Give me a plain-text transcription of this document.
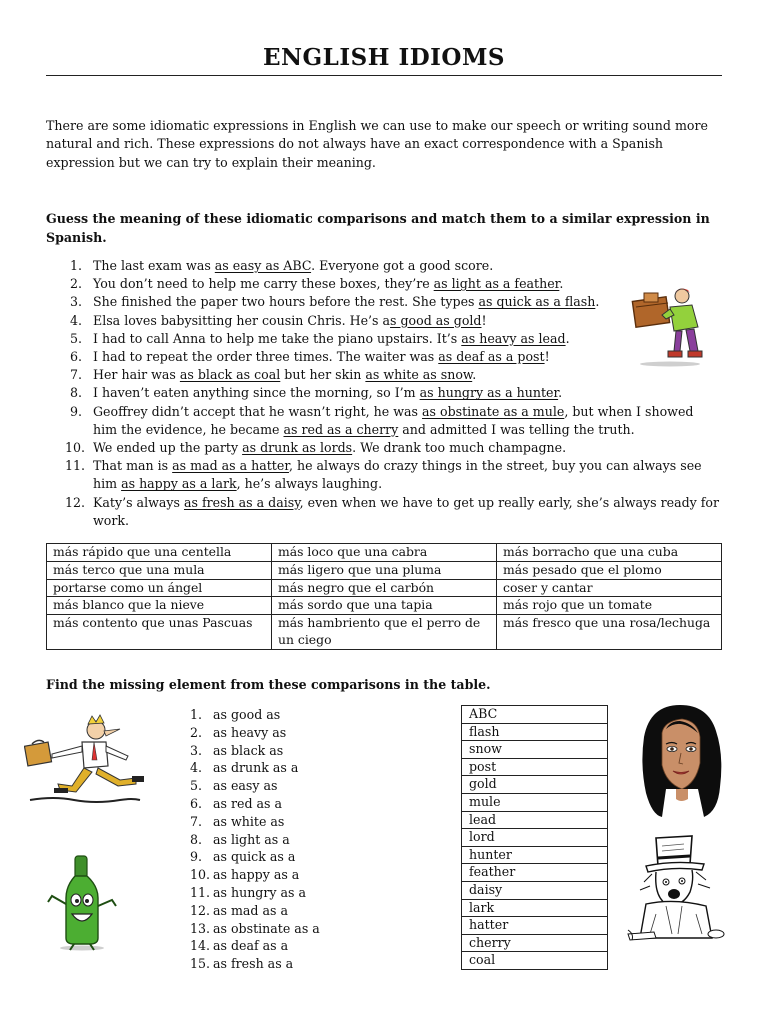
ENGLISH IDIOMS
There are some idiomatic expressions in English we can use to make our speech or writing sound more natural and rich. These expressions do not always have an exact correspondence with a Spanish expression but we can try to explain their meaning.
Guess the meaning of these idiomatic comparisons and match them to a similar expression in Spanish.
1. The last exam was as easy as ABC. Everyone got a good score.
2. You don’t need to help me carry these boxes, they’re as light as a feather.
3. She finished the paper two hours before the rest. She types as quick as a flash.
4. Elsa loves babysitting her cousin Chris. He’s as good as gold!
5. I had to call Anna to help me take the piano upstairs. It’s as heavy as lead.
6. I had to repeat the order three times. The waiter was as deaf as a post!
7. Her hair was as black as coal but her skin as white as snow.
8. I haven’t eaten anything since the morning, so I’m as hungry as a hunter.
9. Geoffrey didn’t accept that he wasn’t right, he was as obstinate as a mule, but when I showed him the evidence, he became as red as a cherry and admitted I was telling the truth.
10. We ended up the party as drunk as lords. We drank too much champagne.
11. That man is as mad as a hatter, he always do crazy things in the street, buy you can always see him as happy as a lark, he’s always laughing.
12. Katy’s always as fresh as a daisy, even when we have to get up really early, she’s always ready for work.
más rápido que una centella	más loco que una cabra	más borracho que una cuba
más terco que una mula	más ligero que una pluma	más pesado que el plomo
portarse como un ángel	más negro que el carbón	coser y cantar
más blanco que la nieve	más sordo que una tapia	más rojo que un tomate
más contento que unas Pascuas	más hambriento que el perro de un ciego	más fresco que una rosa/lechuga
Find the missing element from these comparisons in the table.
1. as good as
2. as heavy as
3. as black as
4. as drunk as a
5. as easy as
6. as red as a
7. as white as
8. as light as a
9. as quick as a
10. as happy as a
11. as hungry as a
12. as mad as a
13. as obstinate as a
14. as deaf as a
15. as fresh as a
ABC
flash
snow
post
gold
mule
lead
lord
hunter
feather
daisy
lark
hatter
cherry
coal
